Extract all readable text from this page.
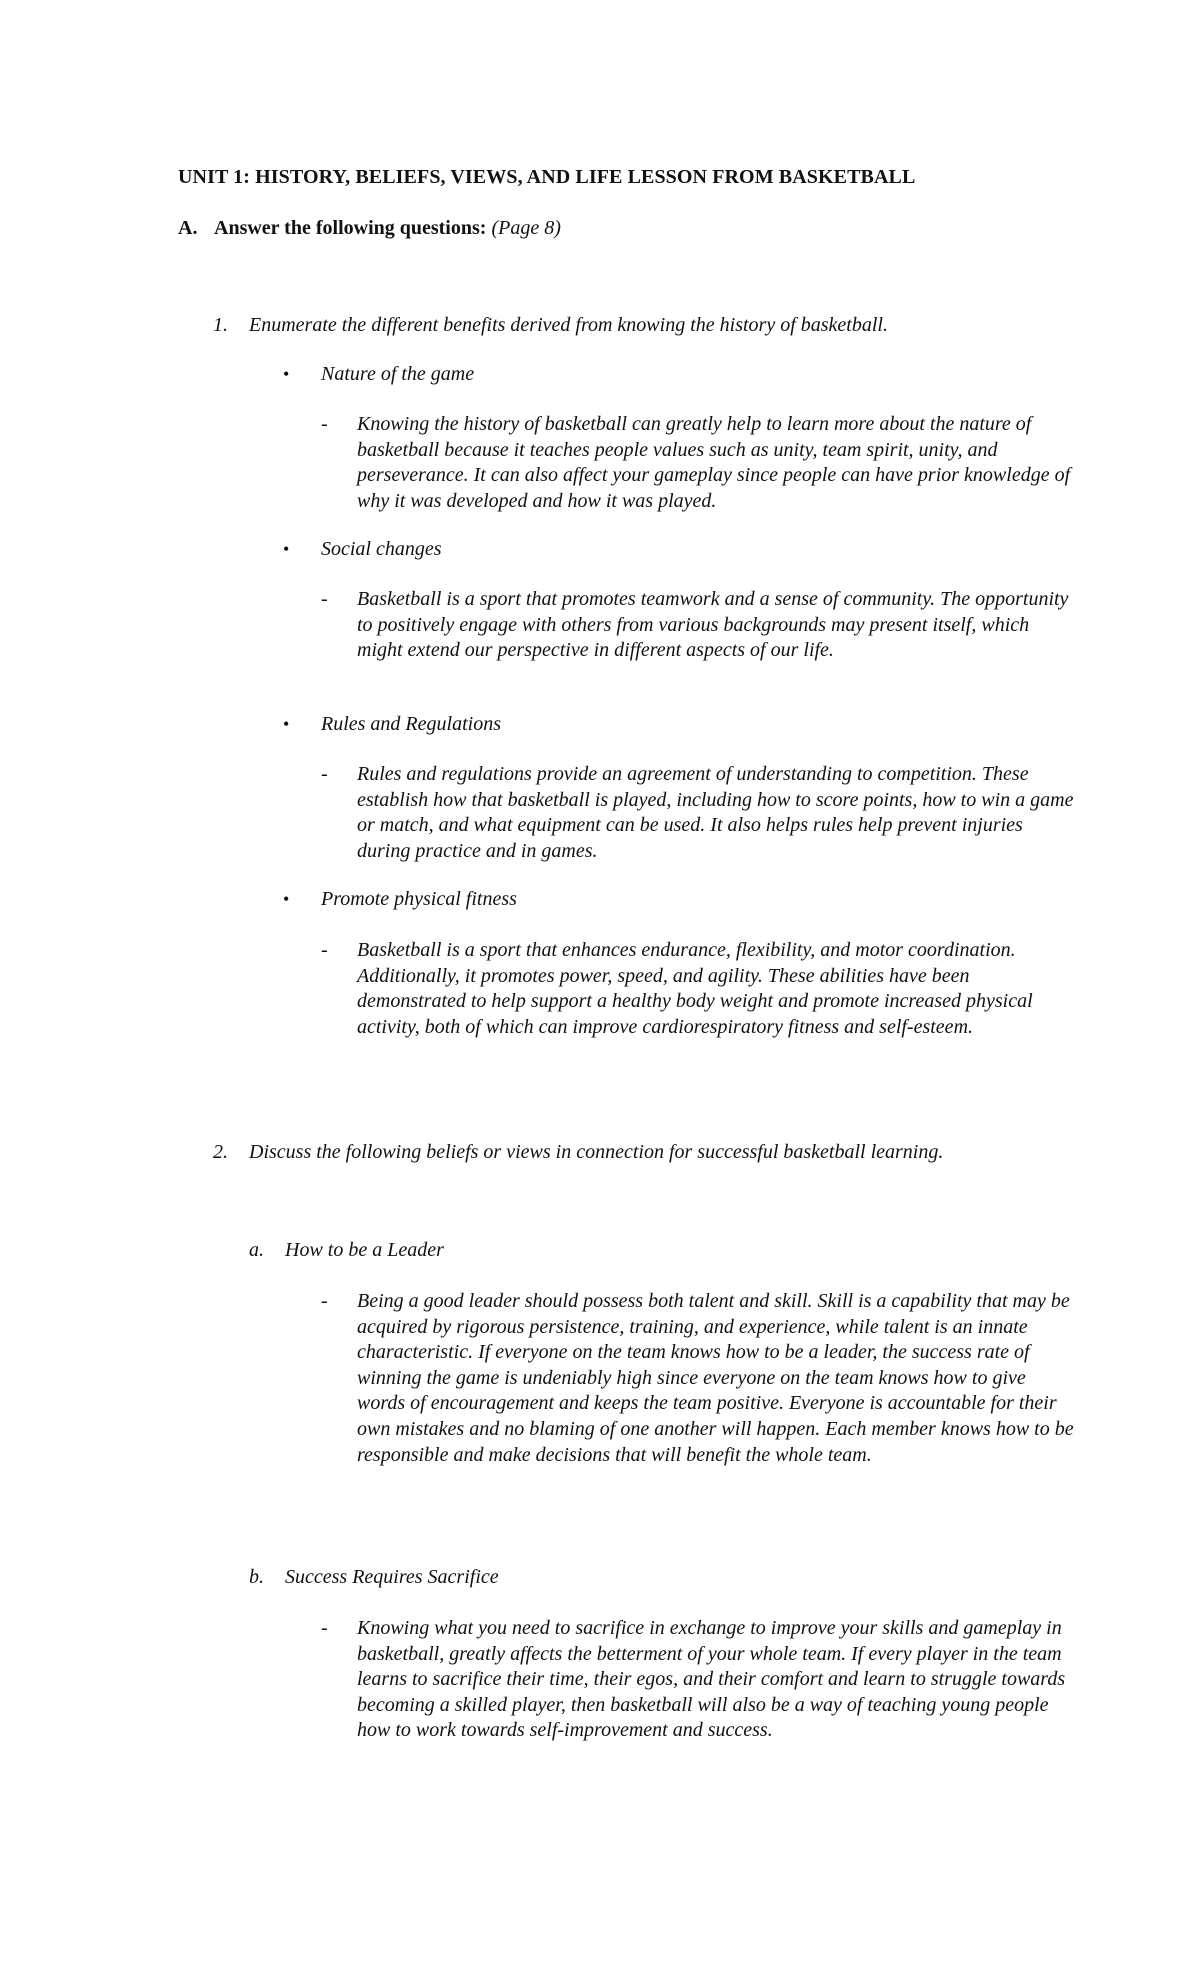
UNIT 1: HISTORY, BELIEFS, VIEWS, AND LIFE LESSON FROM BASKETBALL
A. Answer the following questions: (Page 8)
1. Enumerate the different benefits derived from knowing the history of basketball.
• Nature of the game
- Knowing the history of basketball can greatly help to learn more about the nature of basketball because it teaches people values such as unity, team spirit, unity, and perseverance. It can also affect your gameplay since people can have prior knowledge of why it was developed and how it was played.
• Social changes
- Basketball is a sport that promotes teamwork and a sense of community. The opportunity to positively engage with others from various backgrounds may present itself, which might extend our perspective in different aspects of our life.
• Rules and Regulations
- Rules and regulations provide an agreement of understanding to competition. These establish how that basketball is played, including how to score points, how to win a game or match, and what equipment can be used. It also helps rules help prevent injuries during practice and in games.
• Promote physical fitness
- Basketball is a sport that enhances endurance, flexibility, and motor coordination. Additionally, it promotes power, speed, and agility. These abilities have been demonstrated to help support a healthy body weight and promote increased physical activity, both of which can improve cardiorespiratory fitness and self-esteem.
2. Discuss the following beliefs or views in connection for successful basketball learning.
a. How to be a Leader
- Being a good leader should possess both talent and skill. Skill is a capability that may be acquired by rigorous persistence, training, and experience, while talent is an innate characteristic. If everyone on the team knows how to be a leader, the success rate of winning the game is undeniably high since everyone on the team knows how to give words of encouragement and keeps the team positive. Everyone is accountable for their own mistakes and no blaming of one another will happen. Each member knows how to be responsible and make decisions that will benefit the whole team.
b. Success Requires Sacrifice
- Knowing what you need to sacrifice in exchange to improve your skills and gameplay in basketball, greatly affects the betterment of your whole team. If every player in the team learns to sacrifice their time, their egos, and their comfort and learn to struggle towards becoming a skilled player, then basketball will also be a way of teaching young people how to work towards self-improvement and success.
